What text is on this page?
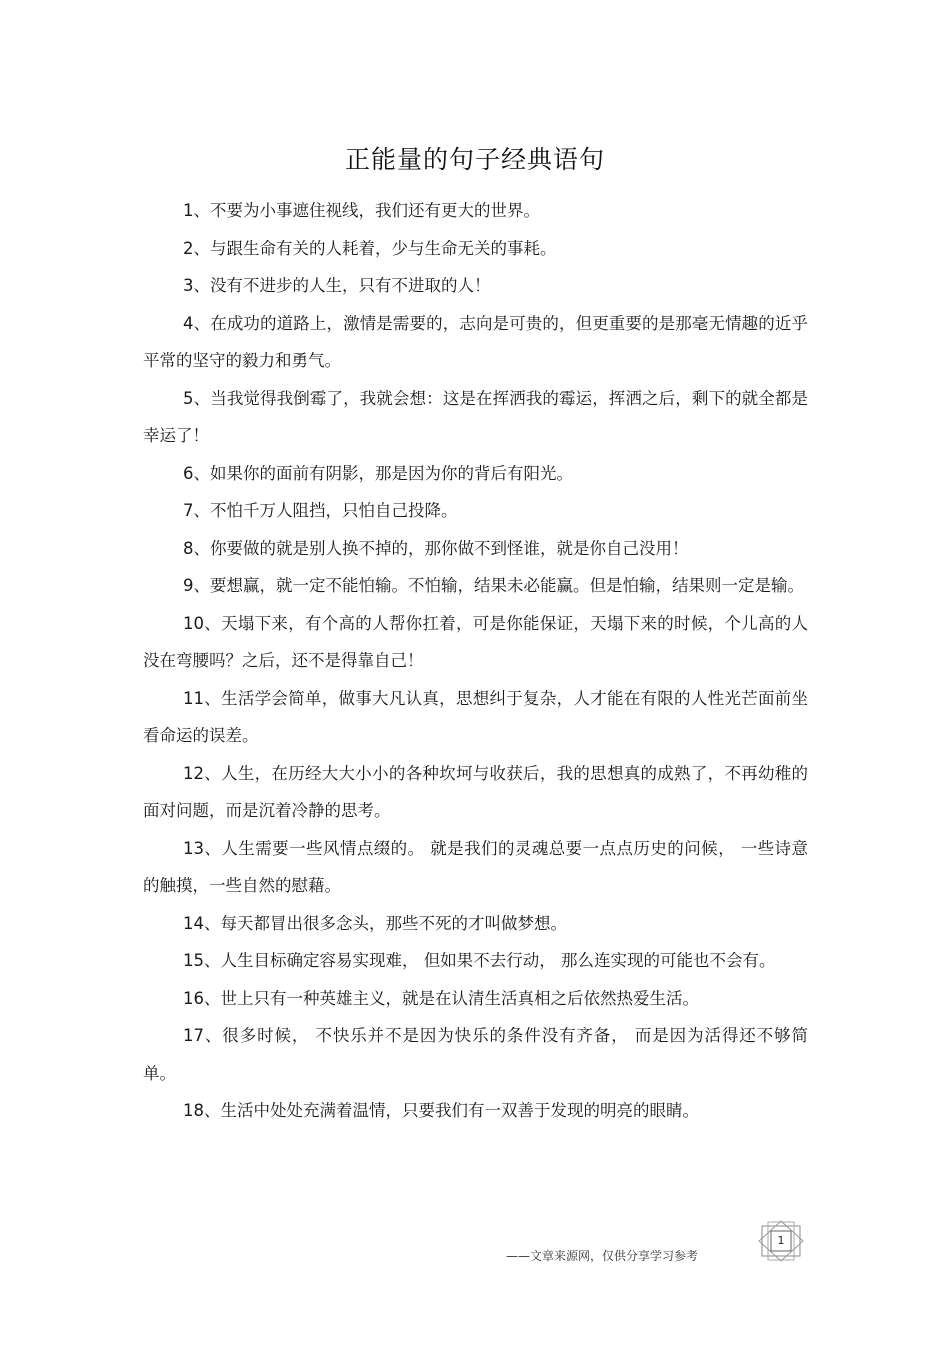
正能量的句子经典语句

1、不要为小事遮住视线，我们还有更大的世界。

2、与跟生命有关的人耗着，少与生命无关的事耗。

3、没有不进步的人生，只有不进取的人！

4、在成功的道路上，激情是需要的，志向是可贵的，但更重要的是那毫无情趣的近乎平常的坚守的毅力和勇气。

5、当我觉得我倒霉了，我就会想：这是在挥洒我的霉运，挥洒之后，剩下的就全都是幸运了！

6、如果你的面前有阴影，那是因为你的背后有阳光。

7、不怕千万人阻挡，只怕自己投降。

8、你要做的就是别人换不掉的，那你做不到怪谁，就是你自己没用！

9、要想赢，就一定不能怕输。不怕输，结果未必能赢。但是怕输，结果则一定是输。

10、天塌下来，有个高的人帮你扛着，可是你能保证，天塌下来的时候，个儿高的人没在弯腰吗？之后，还不是得靠自己！

11、生活学会简单，做事大凡认真，思想纠于复杂，人才能在有限的人性光芒面前坐看命运的误差。

12、人生，在历经大大小小的各种坎坷与收获后，我的思想真的成熟了，不再幼稚的面对问题，而是沉着冷静的思考。

13、人生需要一些风情点缀的。 就是我们的灵魂总要一点点历史的问候， 一些诗意的触摸，一些自然的慰藉。

14、每天都冒出很多念头，那些不死的才叫做梦想。

15、人生目标确定容易实现难， 但如果不去行动， 那么连实现的可能也不会有。

16、世上只有一种英雄主义，就是在认清生活真相之后依然热爱生活。

17、很多时候， 不快乐并不是因为快乐的条件没有齐备， 而是因为活得还不够简单。

18、生活中处处充满着温情，只要我们有一双善于发现的明亮的眼睛。

1
——文章来源网，仅供分享学习参考
